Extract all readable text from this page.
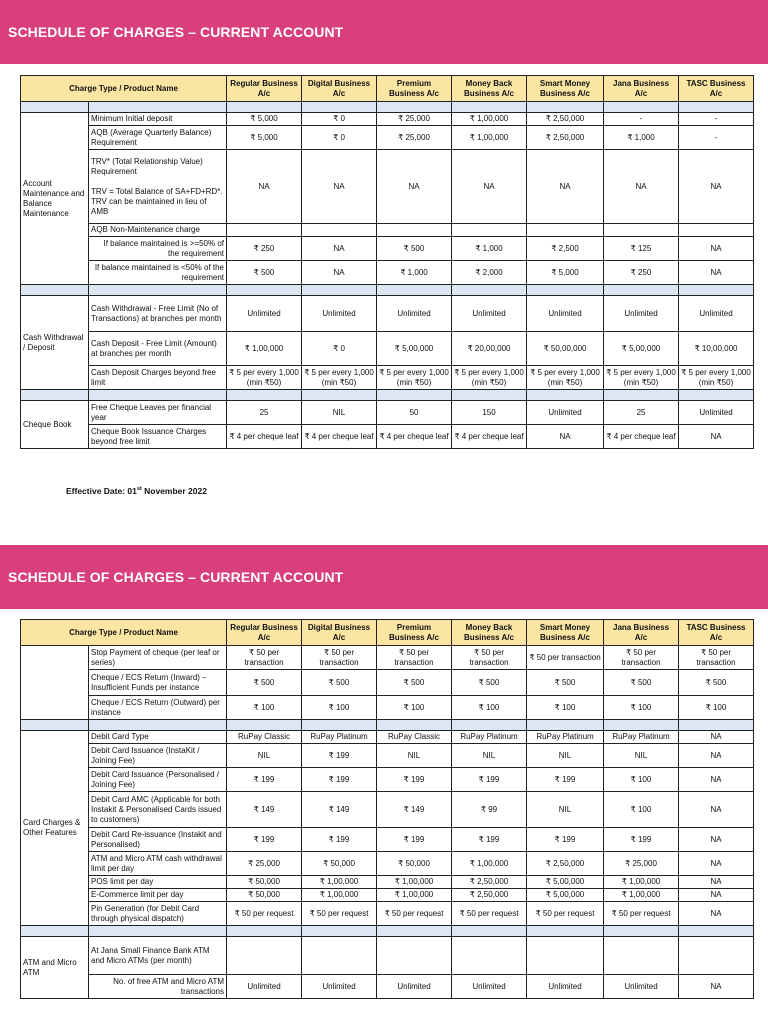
SCHEDULE OF CHARGES – CURRENT ACCOUNT
Charge Type / Product Name		Regular Business A/c	Digital Business A/c	Premium Business A/c	Money Back Business A/c	Smart Money Business A/c	Jana Business A/c	TASC Business A/c

Account Maintenance and Balance Maintenance	Minimum Initial deposit	₹ 5,000	₹ 0	₹ 25,000	₹ 1,00,000	₹ 2,50,000	-	-
	AQB (Average Quarterly Balance) Requirement	₹ 5,000	₹ 0	₹ 25,000	₹ 1,00,000	₹ 2,50,000	₹ 1,000	-

	TRV* (Total Relationship Value) Requirement
TRV = Total Balance of SA+FD+RD*. TRV can be maintained in lieu of AMB	NA	NA	NA	NA	NA	NA	NA
	AQB Non-Maintenance charge							
	If balance maintained is >=50% of the requirement	₹ 250	NA	₹ 500	₹ 1,000	₹ 2,500	₹ 125	NA
	If balance maintained is <50% of the requirement	₹ 500	NA	₹ 1,000	₹ 2,000	₹ 5,000	₹ 250	NA

Cash Withdrawal / Deposit	Cash Withdrawal - Free Limit (No of Transactions) at branches per month	Unlimited	Unlimited	Unlimited	Unlimited	Unlimited	Unlimited	Unlimited
	Cash Deposit - Free Limit (Amount) at branches per month	₹ 1,00,000	₹ 0	₹ 5,00,000	₹ 20,00,000	₹ 50,00,000	₹ 5,00,000	₹ 10,00,000
	Cash Deposit Charges beyond free limit	₹ 5 per every 1,000 (min ₹50)	₹ 5 per every 1,000 (min ₹50)	₹ 5 per every 1,000 (min ₹50)	₹ 5 per every 1,000 (min ₹50)	₹ 5 per every 1,000 (min ₹50)	₹ 5 per every 1,000 (min ₹50)	₹ 5 per every 1,000 (min ₹50)

Cheque Book	Free Cheque Leaves per financial year	25	NIL	50	150	Unlimited	25	Unlimited
	Cheque Book Issuance Charges beyond free limit	₹ 4 per cheque leaf	₹ 4 per cheque leaf	₹ 4 per cheque leaf	₹ 4 per cheque leaf	NA	₹ 4 per cheque leaf	NA
Effective Date: 01st November 2022
SCHEDULE OF CHARGES – CURRENT ACCOUNT
Charge Type / Product Name		Regular Business A/c	Digital Business A/c	Premium Business A/c	Money Back Business A/c	Smart Money Business A/c	Jana Business A/c	TASC Business A/c
	Stop Payment of cheque (per leaf or series)	₹ 50 per transaction	₹ 50 per transaction	₹ 50 per transaction	₹ 50 per transaction	₹ 50 per transaction	₹ 50 per transaction	₹ 50 per transaction
	Cheque / ECS Return (Inward) – Insufficient Funds per instance	₹ 500	₹ 500	₹ 500	₹ 500	₹ 500	₹ 500	₹ 500
	Cheque / ECS Return (Outward) per instance	₹ 100	₹ 100	₹ 100	₹ 100	₹ 100	₹ 100	₹ 100

Card Charges & Other Features	Debit Card Type	RuPay Classic	RuPay Platinum	RuPay Classic	RuPay Platinum	RuPay Platinum	RuPay Platinum	NA
	Debit Card Issuance (InstaKit / Joining Fee)	NIL	₹ 199	NIL	NIL	NIL	NIL	NA
	Debit Card Issuance (Personalised / Joining Fee)	₹ 199	₹ 199	₹ 199	₹ 199	₹ 199	₹ 100	NA
	Debit Card AMC (Applicable for both Instakit & Personalised Cards issued to customers)	₹ 149	₹ 149	₹ 149	₹ 99	NIL	₹ 100	NA
	Debit Card Re-issuance (Instakit and Personalised)	₹ 199	₹ 199	₹ 199	₹ 199	₹ 199	₹ 199	NA
	ATM and Micro ATM cash withdrawal limit per day	₹ 25,000	₹ 50,000	₹ 50,000	₹ 1,00,000	₹ 2,50,000	₹ 25,000	NA
	POS limit per day	₹ 50,000	₹ 1,00,000	₹ 1,00,000	₹ 2,50,000	₹ 5,00,000	₹ 1,00,000	NA
	E-Commerce limit per day	₹ 50,000	₹ 1,00,000	₹ 1,00,000	₹ 2,50,000	₹ 5,00,000	₹ 1,00,000	NA
	Pin Generation (for Debit Card through physical dispatch)	₹ 50 per request	₹ 50 per request	₹ 50 per request	₹ 50 per request	₹ 50 per request	₹ 50 per request	NA

ATM and Micro ATM	At Jana Small Finance Bank ATM and Micro ATMs (per month)							
	No. of free ATM and Micro ATM transactions	Unlimited	Unlimited	Unlimited	Unlimited	Unlimited	Unlimited	NA
